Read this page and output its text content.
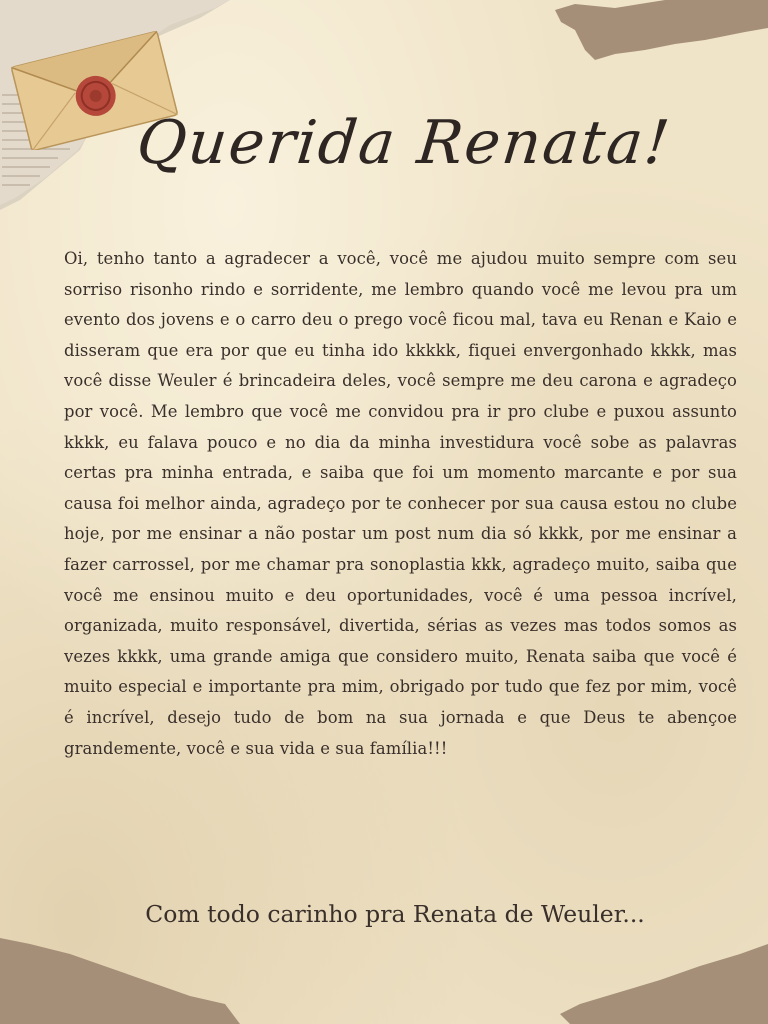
Querida Renata!

Oi, tenho tanto a agradecer a você, você me ajudou muito sempre com seu sorriso risonho rindo e sorridente, me lembro quando você me levou pra um evento dos jovens e o carro deu o prego você ficou mal, tava eu Renan e Kaio e disseram que era por que eu tinha ido kkkkk, fiquei envergonhado kkkk, mas você disse Weuler é brincadeira deles, você sempre me deu carona e agradeço por você. Me lembro que você me convidou pra ir pro clube e puxou assunto kkkk, eu falava pouco e no dia da minha investidura você sobe as palavras certas pra minha entrada, e saiba que foi um momento marcante e por sua causa foi melhor ainda, agradeço por te conhecer por sua causa estou no clube hoje, por me ensinar a não postar um post num dia só kkkk, por me ensinar a fazer carrossel, por me chamar pra sonoplastia kkk, agradeço muito, saiba que você me ensinou muito e deu oportunidades, você é uma pessoa incrível, organizada, muito responsável, divertida, sérias as vezes mas todos somos as vezes kkkk, uma grande amiga que considero muito, Renata saiba que você é muito especial e importante pra mim, obrigado por tudo que fez por mim, você é incrível, desejo tudo de bom na sua jornada e que Deus te abençoe grandemente, você e sua vida e sua família!!!

Com todo carinho pra Renata de Weuler...
